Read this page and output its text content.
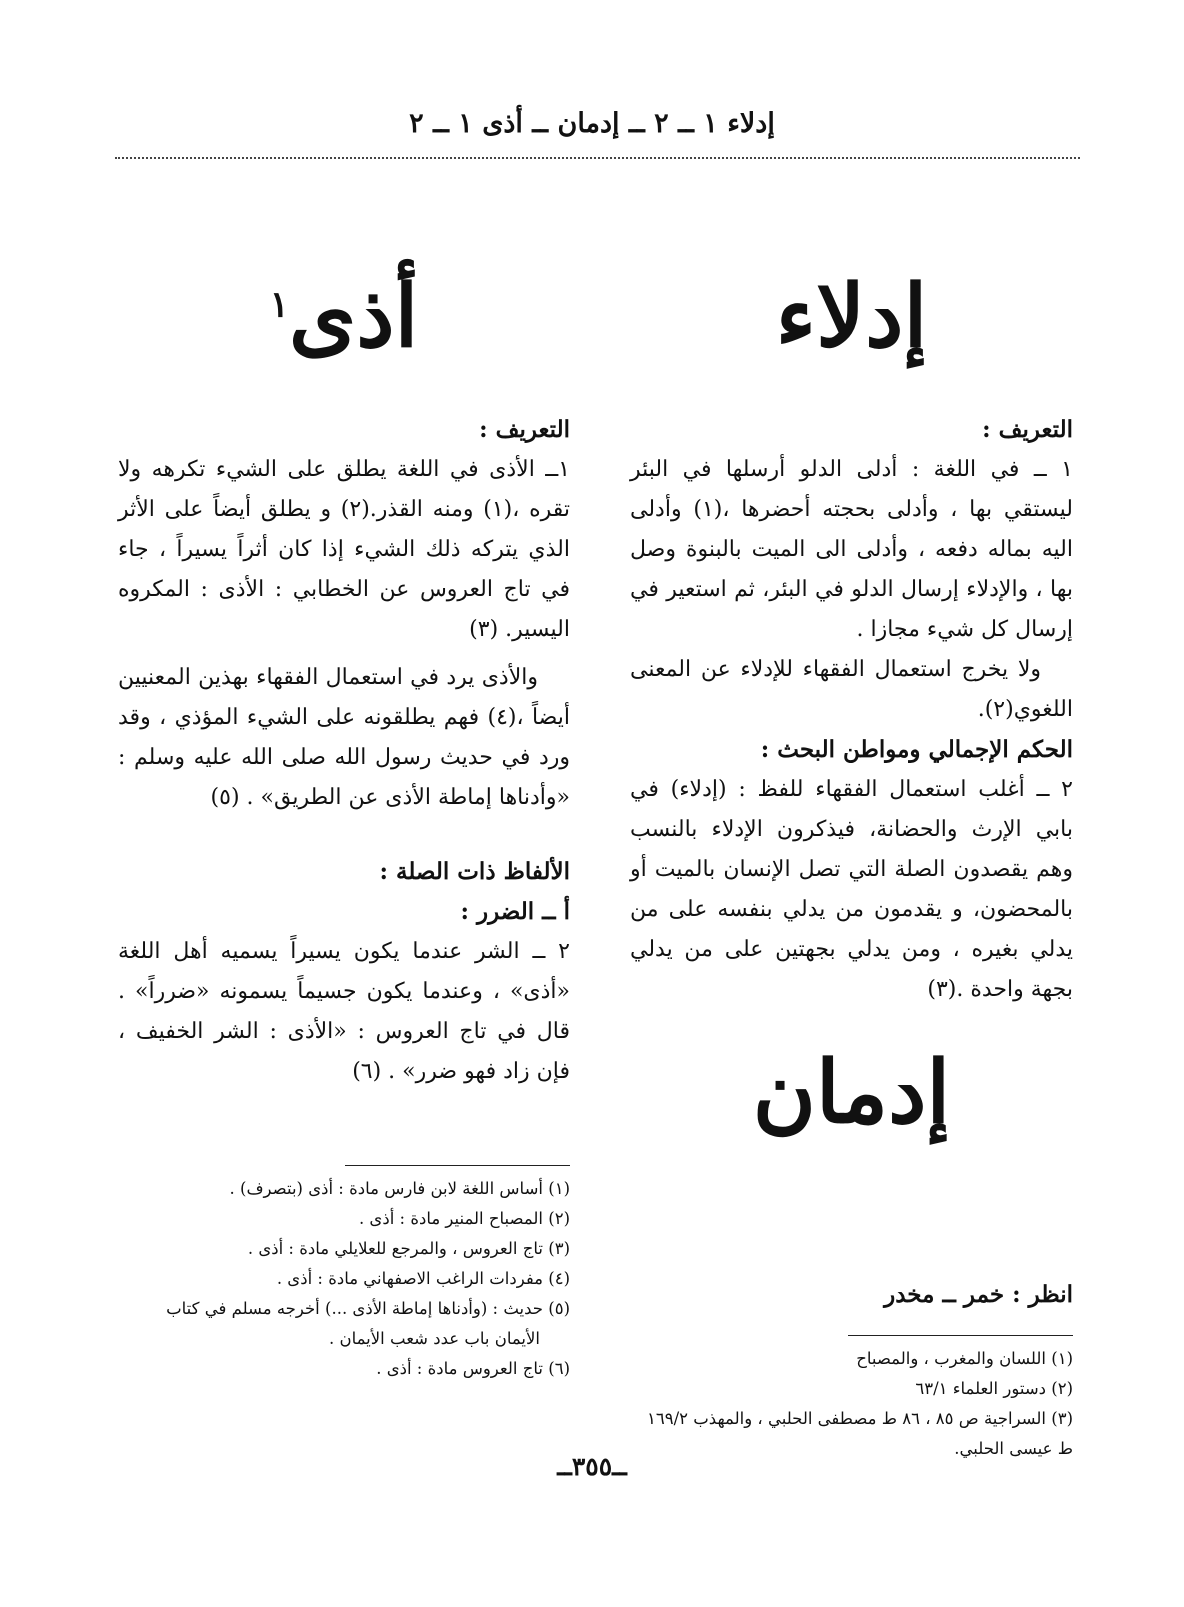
إدلاء ١ ــ ٢ ــ إدمان ــ أذى ١ ــ ٢
إدلاء
التعريف :

١ ــ في اللغة : أدلى الدلو أرسلها في البئر ليستقي بها ، وأدلى بحجته أحضرها ،(١) وأدلى اليه بماله دفعه ، وأدلى الى الميت بالبنوة وصل بها ، والإدلاء إرسال الدلو في البئر، ثم استعير في إرسال كل شيء مجازا .

ولا يخرج استعمال الفقهاء للإدلاء عن المعنى اللغوي(٢).

الحكم الإجمالي ومواطن البحث :

٢ ــ أغلب استعمال الفقهاء للفظ : (إدلاء) في بابي الإرث والحضانة، فيذكرون الإدلاء بالنسب وهم يقصدون الصلة التي تصل الإنسان بالميت أو بالمحضون، و يقدمون من يدلي بنفسه على من يدلي بغيره ، ومن يدلي بجهتين على من يدلي بجهة واحدة .(٣)

إدمان
انظر : خمر ــ مخدر
(١) اللسان والمغرب ، والمصباح
(٢) دستور العلماء ٦٣/١
(٣) السراجية ص ٨٥ ، ٨٦ ط مصطفى الحلبي ، والمهذب ١٦٩/٢
ط عيسى الحلبي.
أذى$^١$
التعريف :

١ــ الأذى في اللغة يطلق على الشيء تكرهه ولا تقره ،(١) ومنه القذر.(٢) و يطلق أيضاً على الأثر الذي يتركه ذلك الشيء إذا كان أثراً يسيراً ، جاء في تاج العروس عن الخطابي : الأذى : المكروه اليسير. (٣)

والأذى يرد في استعمال الفقهاء بهذين المعنيين أيضاً ،(٤) فهم يطلقونه على الشيء المؤذي ، وقد ورد في حديث رسول الله صلى الله عليه وسلم : «وأدناها إماطة الأذى عن الطريق» . (٥)

الألفاظ ذات الصلة :
أ ــ الضرر :

٢ ــ الشر عندما يكون يسيراً يسميه أهل اللغة «أذى» ، وعندما يكون جسيماً يسمونه «ضرراً» . قال في تاج العروس : «الأذى : الشر الخفيف ، فإن زاد فهو ضرر» . (٦)

(١) أساس اللغة لابن فارس مادة : أذى (بتصرف) .
(٢) المصباح المنير مادة : أذى .
(٣) تاج العروس ، والمرجع للعلايلي مادة : أذى .
(٤) مفردات الراغب الاصفهاني مادة : أذى .
(٥) حديث : (وأدناها إماطة الأذى ...) أخرجه مسلم في كتاب
الأيمان باب عدد شعب الأيمان .
(٦) تاج العروس مادة : أذى .
ــ٣٥٥ــ
